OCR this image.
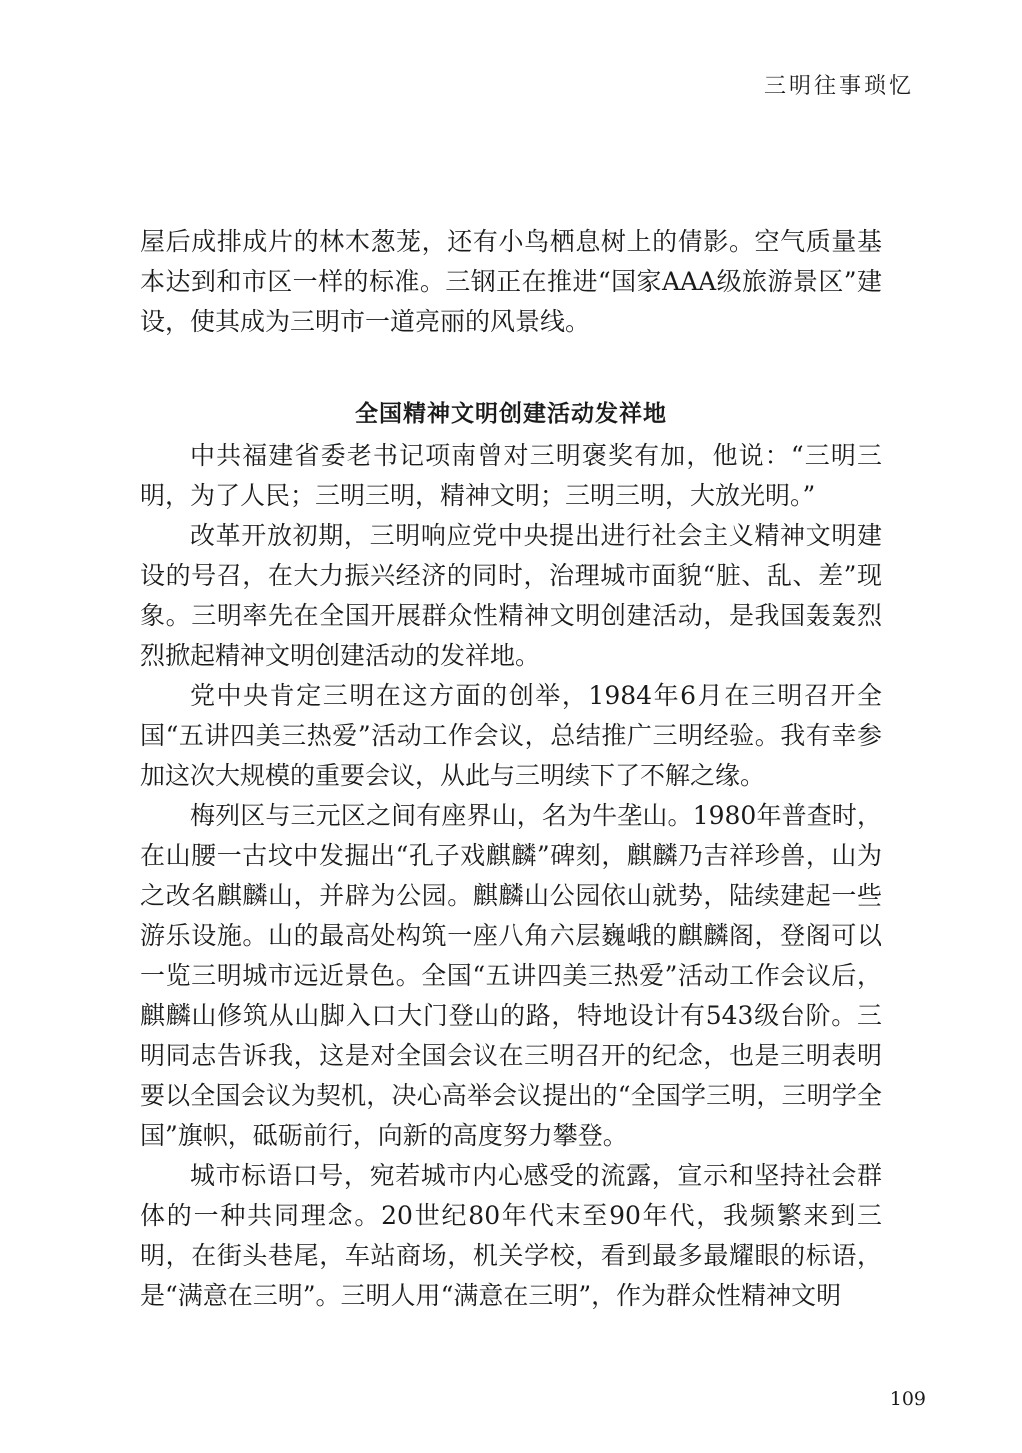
三明往事琐忆

屋后成排成片的林木葱茏，还有小鸟栖息树上的倩影。空气质量基本达到和市区一样的标准。三钢正在推进“国家AAA级旅游景区”建设，使其成为三明市一道亮丽的风景线。

全国精神文明创建活动发祥地

中共福建省委老书记项南曾对三明褒奖有加，他说：“三明三明，为了人民；三明三明，精神文明；三明三明，大放光明。”

改革开放初期，三明响应党中央提出进行社会主义精神文明建设的号召，在大力振兴经济的同时，治理城市面貌“脏、乱、差”现象。三明率先在全国开展群众性精神文明创建活动，是我国轰轰烈烈掀起精神文明创建活动的发祥地。

党中央肯定三明在这方面的创举，1984年6月在三明召开全国“五讲四美三热爱”活动工作会议，总结推广三明经验。我有幸参加这次大规模的重要会议，从此与三明续下了不解之缘。

梅列区与三元区之间有座界山，名为牛垄山。1980年普查时，在山腰一古坟中发掘出“孔子戏麒麟”碑刻，麒麟乃吉祥珍兽，山为之改名麒麟山，并辟为公园。麒麟山公园依山就势，陆续建起一些游乐设施。山的最高处构筑一座八角六层巍峨的麒麟阁，登阁可以一览三明城市远近景色。全国“五讲四美三热爱”活动工作会议后，麒麟山修筑从山脚入口大门登山的路，特地设计有543级台阶。三明同志告诉我，这是对全国会议在三明召开的纪念，也是三明表明要以全国会议为契机，决心高举会议提出的“全国学三明，三明学全国”旗帜，砥砺前行，向新的高度努力攀登。

城市标语口号，宛若城市内心感受的流露，宣示和坚持社会群体的一种共同理念。20世纪80年代末至90年代，我频繁来到三明，在街头巷尾，车站商场，机关学校，看到最多最耀眼的标语，是“满意在三明”。三明人用“满意在三明”，作为群众性精神文明

109
